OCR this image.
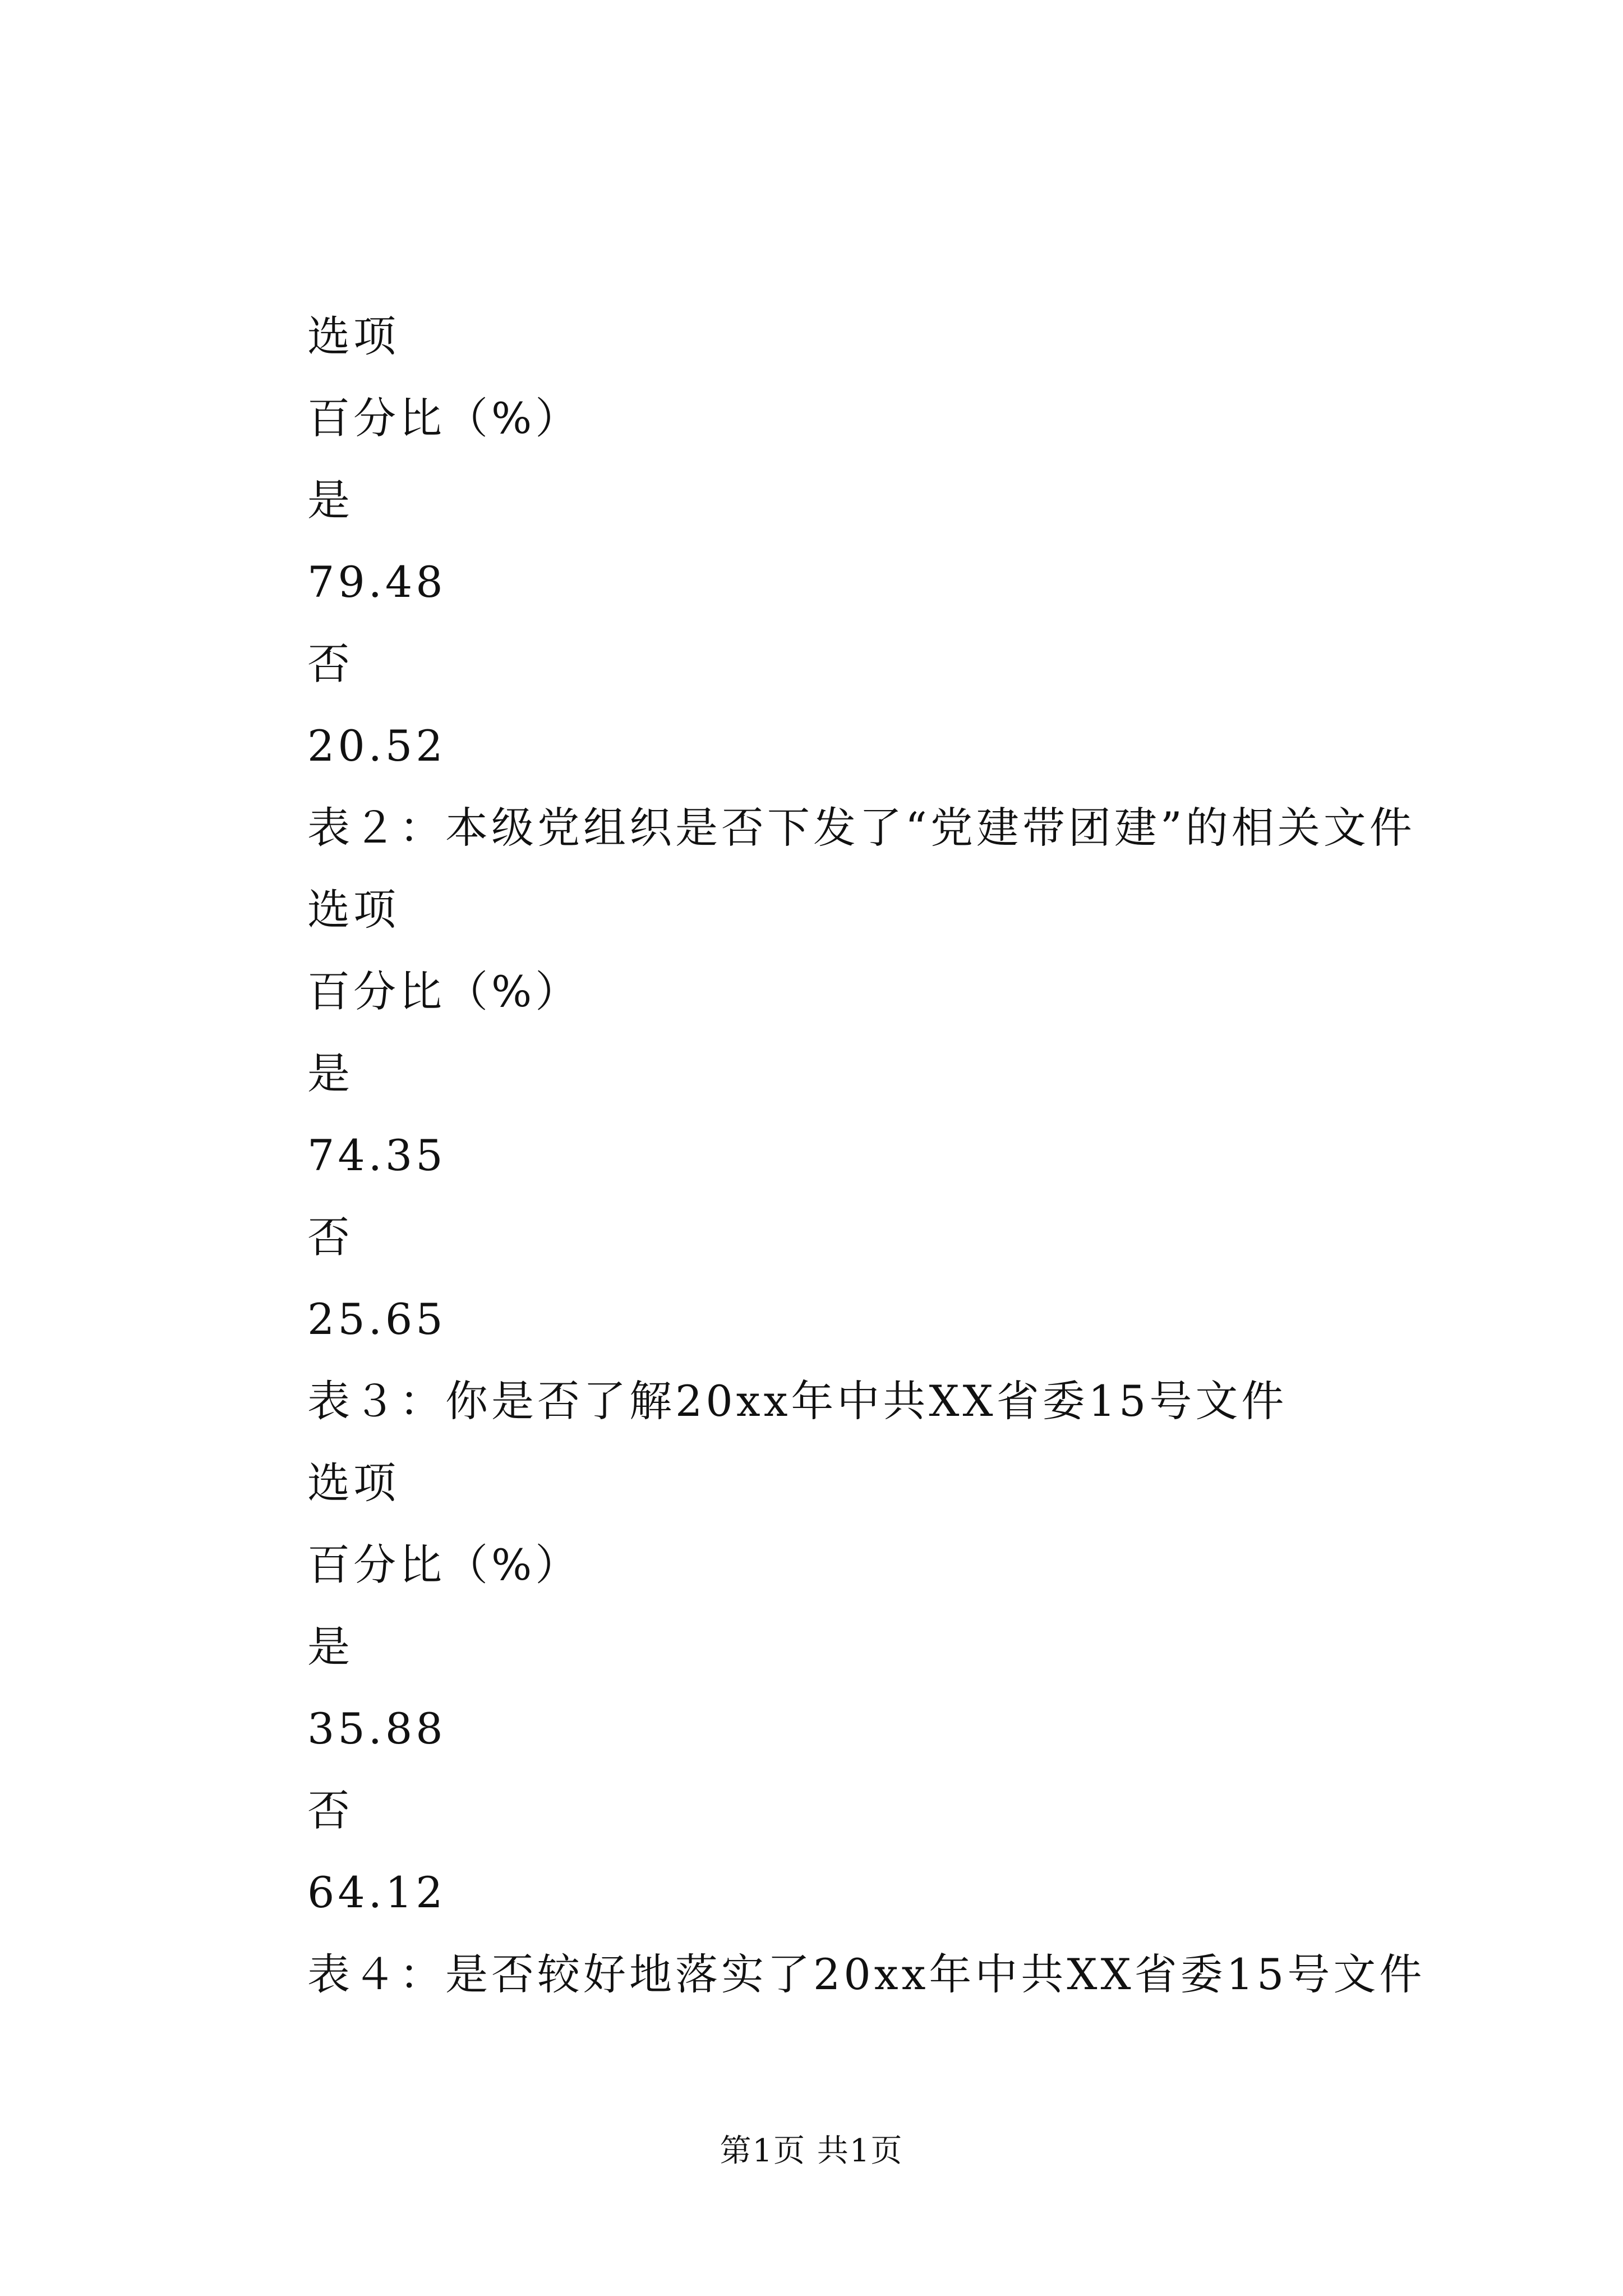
选项
百分比（%）
是
79.48
否
20.52
表２：本级党组织是否下发了“党建带团建”的相关文件
选项
百分比（%）
是
74.35
否
25.65
表３：你是否了解20xx年中共XX省委15号文件
选项
百分比（%）
是
35.88
否
64.12
表４：是否较好地落实了20xx年中共XX省委15号文件
第1页 共1页
